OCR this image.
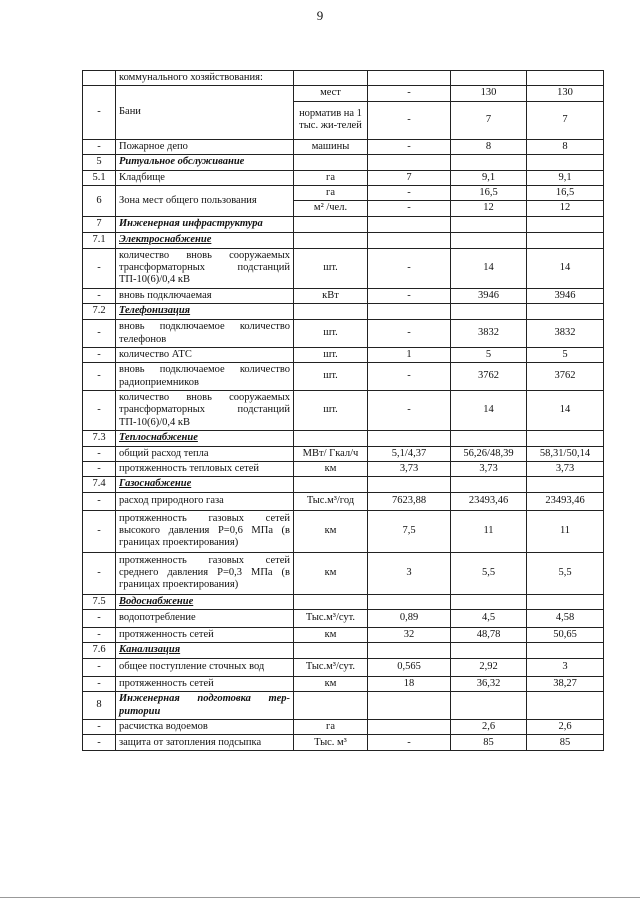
9
	коммунального хозяйствования:				
-	Бани	мест	-	130	130
		норматив на 1 тыс. жи-телей	-	7	7
-	Пожарное депо	машины	-	8	8
5	Ритуальное обслуживание				
5.1	Кладбище	га	7	9,1	9,1
6	Зона мест общего пользования	га	-	16,5	16,5
		м² /чел.	-	12	12
7	Инженерная инфраструктура				
7.1	Электроснабжение				
-	количество вновь сооружаемых трансформаторных подстанций ТП-10(6)/0,4 кВ	шт.	-	14	14
-	вновь подключаемая	кВт	-	3946	3946
7.2	Телефонизация				
-	вновь подключаемое количество телефонов	шт.	-	3832	3832
-	количество АТС	шт.	1	5	5
-	вновь подключаемое количество радиоприемников	шт.	-	3762	3762
-	количество вновь сооружаемых трансформаторных подстанций ТП-10(6)/0,4 кВ	шт.	-	14	14
7.3	Теплоснабжение				
-	общий расход тепла	МВт/ Гкал/ч	5,1/4,37	56,26/48,39	58,31/50,14
-	протяженность тепловых сетей	км	3,73	3,73	3,73
7.4	Газоснабжение				
-	расход природного газа	Тыс.м³/год	7623,88	23493,46	23493,46
-	протяженность газовых сетей высокого давления P=0,6 МПа (в границах проектирования)	км	7,5	11	11
-	протяженность газовых сетей среднего давления P=0,3 МПа (в границах проектирования)	км	3	5,5	5,5
7.5	Водоснабжение				
-	водопотребление	Тыс.м³/сут.	0,89	4,5	4,58
-	протяженность сетей	км	32	48,78	50,65
7.6	Канализация				
-	общее поступление сточных вод	Тыс.м³/сут.	0,565	2,92	3
-	протяженность сетей	км	18	36,32	38,27
8	Инженерная подготовка тер-ритории				
-	расчистка водоемов	га		2,6	2,6
-	защита от затопления подсыпка	Тыс. м³	-	85	85
